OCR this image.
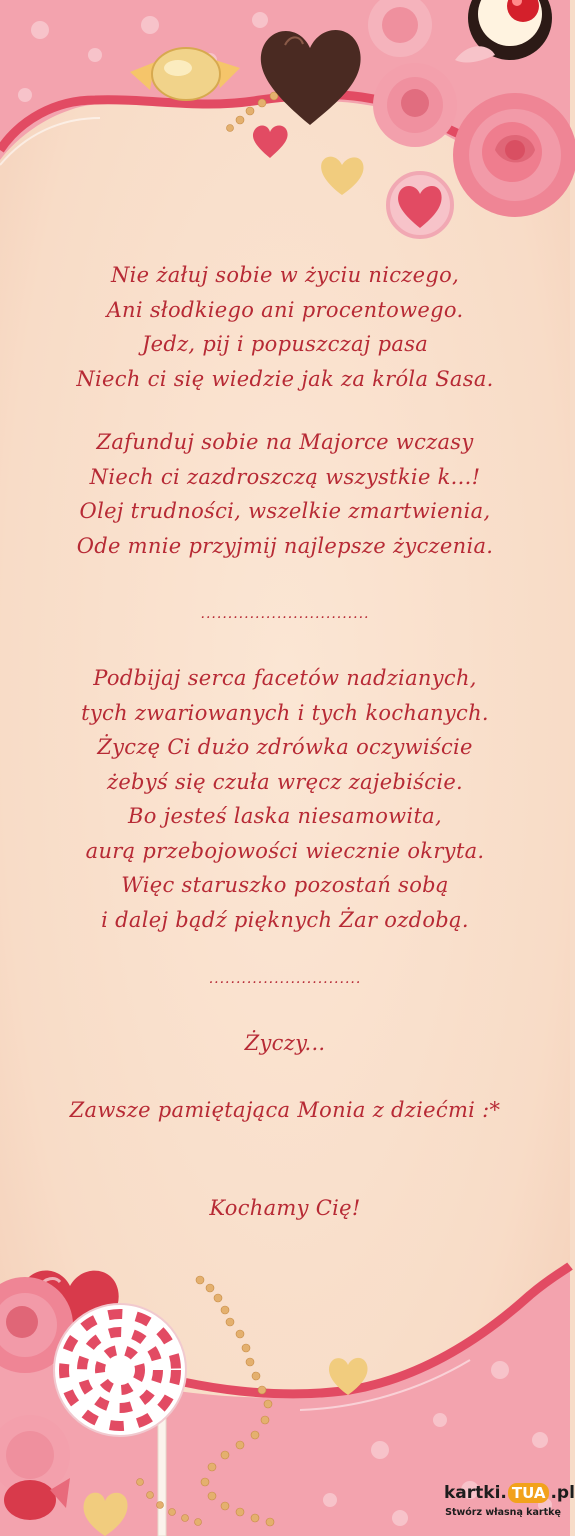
Nie żałuj sobie w życiu niczego,
Ani słodkiego ani procentowego.
Jedz, pij i popuszczaj pasa
Niech ci się wiedzie jak za króla Sasa.
Zafunduj sobie na Majorce wczasy
Niech ci zazdroszczą wszystkie k...!
Olej trudności, wszelkie zmartwienia,
Ode mnie przyjmij najlepsze życzenia.
...............................
Podbijaj serca facetów nadzianych,
tych zwariowanych i tych kochanych.
Życzę Ci dużo zdrówka oczywiście
żebyś się czuła wręcz zajebiście.
Bo jesteś laska niesamowita,
aurą przebojowości wiecznie okryta.
Więc staruszko pozostań sobą
i dalej bądź pięknych Żar ozdobą.
............................
Życzy...
Zawsze pamiętająca Monia z dziećmi :*
Kochamy Cię!
kartki. TUA .pl
Stwórz własną kartkę
